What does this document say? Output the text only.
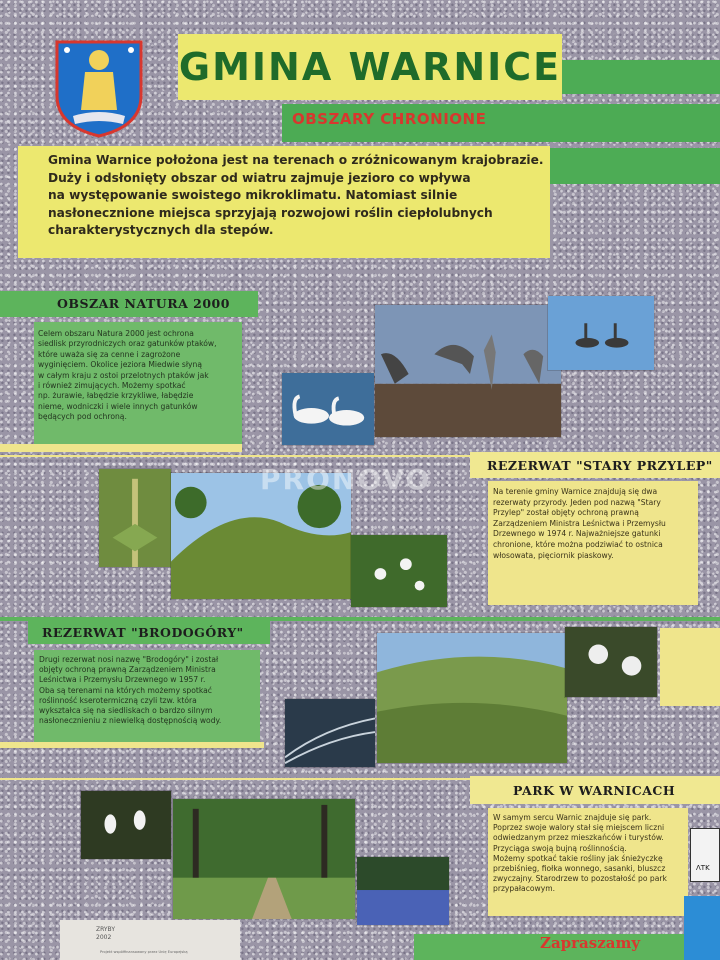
GMINA WARNICE
OBSZARY CHRONIONE
Gmina Warnice położona jest na terenach o zróżnicowanym krajobrazie.
Duży i odsłonięty obszar od wiatru zajmuje jezioro co wpływa
na występowanie swoistego mikroklimatu. Natomiast silnie
nasłonecznione miejsca sprzyjają rozwojowi roślin ciepłolubnych
charakterystycznych dla stepów.
OBSZAR NATURA 2000
Celem obszaru Natura 2000 jest ochrona
siedlisk przyrodniczych oraz gatunków ptaków,
które uważa się za cenne i zagrożone
wyginięciem. Okolice jeziora Miedwie słyną
w całym kraju z ostoi przelotnych ptaków jak
i również zimujących. Możemy spotkać
np. żurawie, łabędzie krzykliwe, łabędzie
nieme, wodniczki i wiele innych gatunków
będących pod ochroną.
REZERWAT "STARY PRZYLEP"
Na terenie gminy Warnice znajdują się dwa
rezerwaty przyrody. Jeden pod nazwą "Stary
Przylep" został objęty ochroną prawną
Zarządzeniem Ministra Leśnictwa i Przemysłu
Drzewnego w 1974 r. Najważniejsze gatunki
chronione, które można podziwiać to ostnica
włosowata, pięciornik piaskowy.
REZERWAT "BRODOGÓRY"
Drugi rezerwat nosi nazwę "Brodogóry" i został
objęty ochroną prawną Zarządzeniem Ministra
Leśnictwa i Przemysłu Drzewnego w 1957 r.
Oba są terenami na których możemy spotkać
roślinność kserotermiczną czyli tzw. która
wykształca się na siedliskach o bardzo silnym
nasłonecznieniu z niewielką dostępnością wody.
PARK W WARNICACH
W samym sercu Warnic znajduje się park.
Poprzez swoje walory stał się miejscem liczni
odwiedzanym przez mieszkańców i turystów.
Przyciąga swoją bujną roślinnością.
Możemy spotkać takie rośliny jak śnieżyczkę
przebiśnieg, fiołka wonnego, sasanki, bluszcz
zwyczajny. Starodrzew to pozostałość po park
przypałacowym.
PRONOVO
ZRYBY
2002
Projekt współfinansowany przez Unię Europejską	Zapraszamy
ΛTK
